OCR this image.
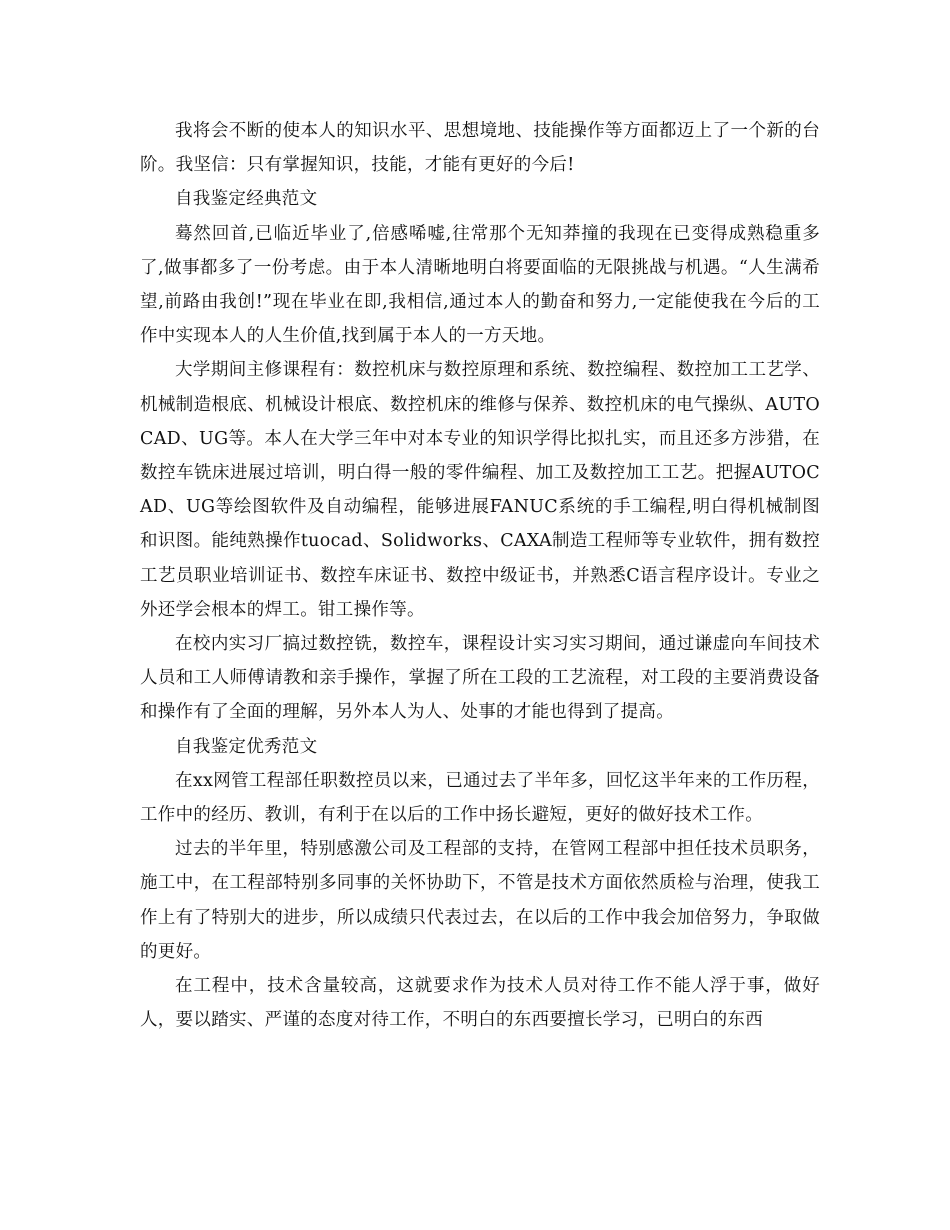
我将会不断的使本人的知识水平、思想境地、技能操作等方面都迈上了一个新的台阶。我坚信：只有掌握知识，技能，才能有更好的今后!

自我鉴定经典范文

蓦然回首,已临近毕业了,倍感唏嘘,往常那个无知莽撞的我现在已变得成熟稳重多了,做事都多了一份考虑。由于本人清晰地明白将要面临的无限挑战与机遇。“人生满希望,前路由我创!”现在毕业在即,我相信,通过本人的勤奋和努力,一定能使我在今后的工作中实现本人的人生价值,找到属于本人的一方天地。

大学期间主修课程有：数控机床与数控原理和系统、数控编程、数控加工工艺学、机械制造根底、机械设计根底、数控机床的维修与保养、数控机床的电气操纵、AUTOCAD、UG等。本人在大学三年中对本专业的知识学得比拟扎实，而且还多方涉猎，在数控车铣床进展过培训，明白得一般的零件编程、加工及数控加工工艺。把握AUTOCAD、UG等绘图软件及自动编程，能够进展FANUC系统的手工编程,明白得机械制图和识图。能纯熟操作tuocad、Solidworks、CAXA制造工程师等专业软件，拥有数控工艺员职业培训证书、数控车床证书、数控中级证书，并熟悉C语言程序设计。专业之外还学会根本的焊工。钳工操作等。

在校内实习厂搞过数控铣，数控车，课程设计实习实习期间，通过谦虚向车间技术人员和工人师傅请教和亲手操作，掌握了所在工段的工艺流程，对工段的主要消费设备和操作有了全面的理解，另外本人为人、处事的才能也得到了提高。

自我鉴定优秀范文

在xx网管工程部任职数控员以来，已通过去了半年多，回忆这半年来的工作历程，工作中的经历、教训，有利于在以后的工作中扬长避短，更好的做好技术工作。

过去的半年里，特别感激公司及工程部的支持，在管网工程部中担任技术员职务，施工中，在工程部特别多同事的关怀协助下，不管是技术方面依然质检与治理，使我工作上有了特别大的进步，所以成绩只代表过去，在以后的工作中我会加倍努力，争取做的更好。

在工程中，技术含量较高，这就要求作为技术人员对待工作不能人浮于事，做好人，要以踏实、严谨的态度对待工作，不明白的东西要擅长学习，已明白的东西
